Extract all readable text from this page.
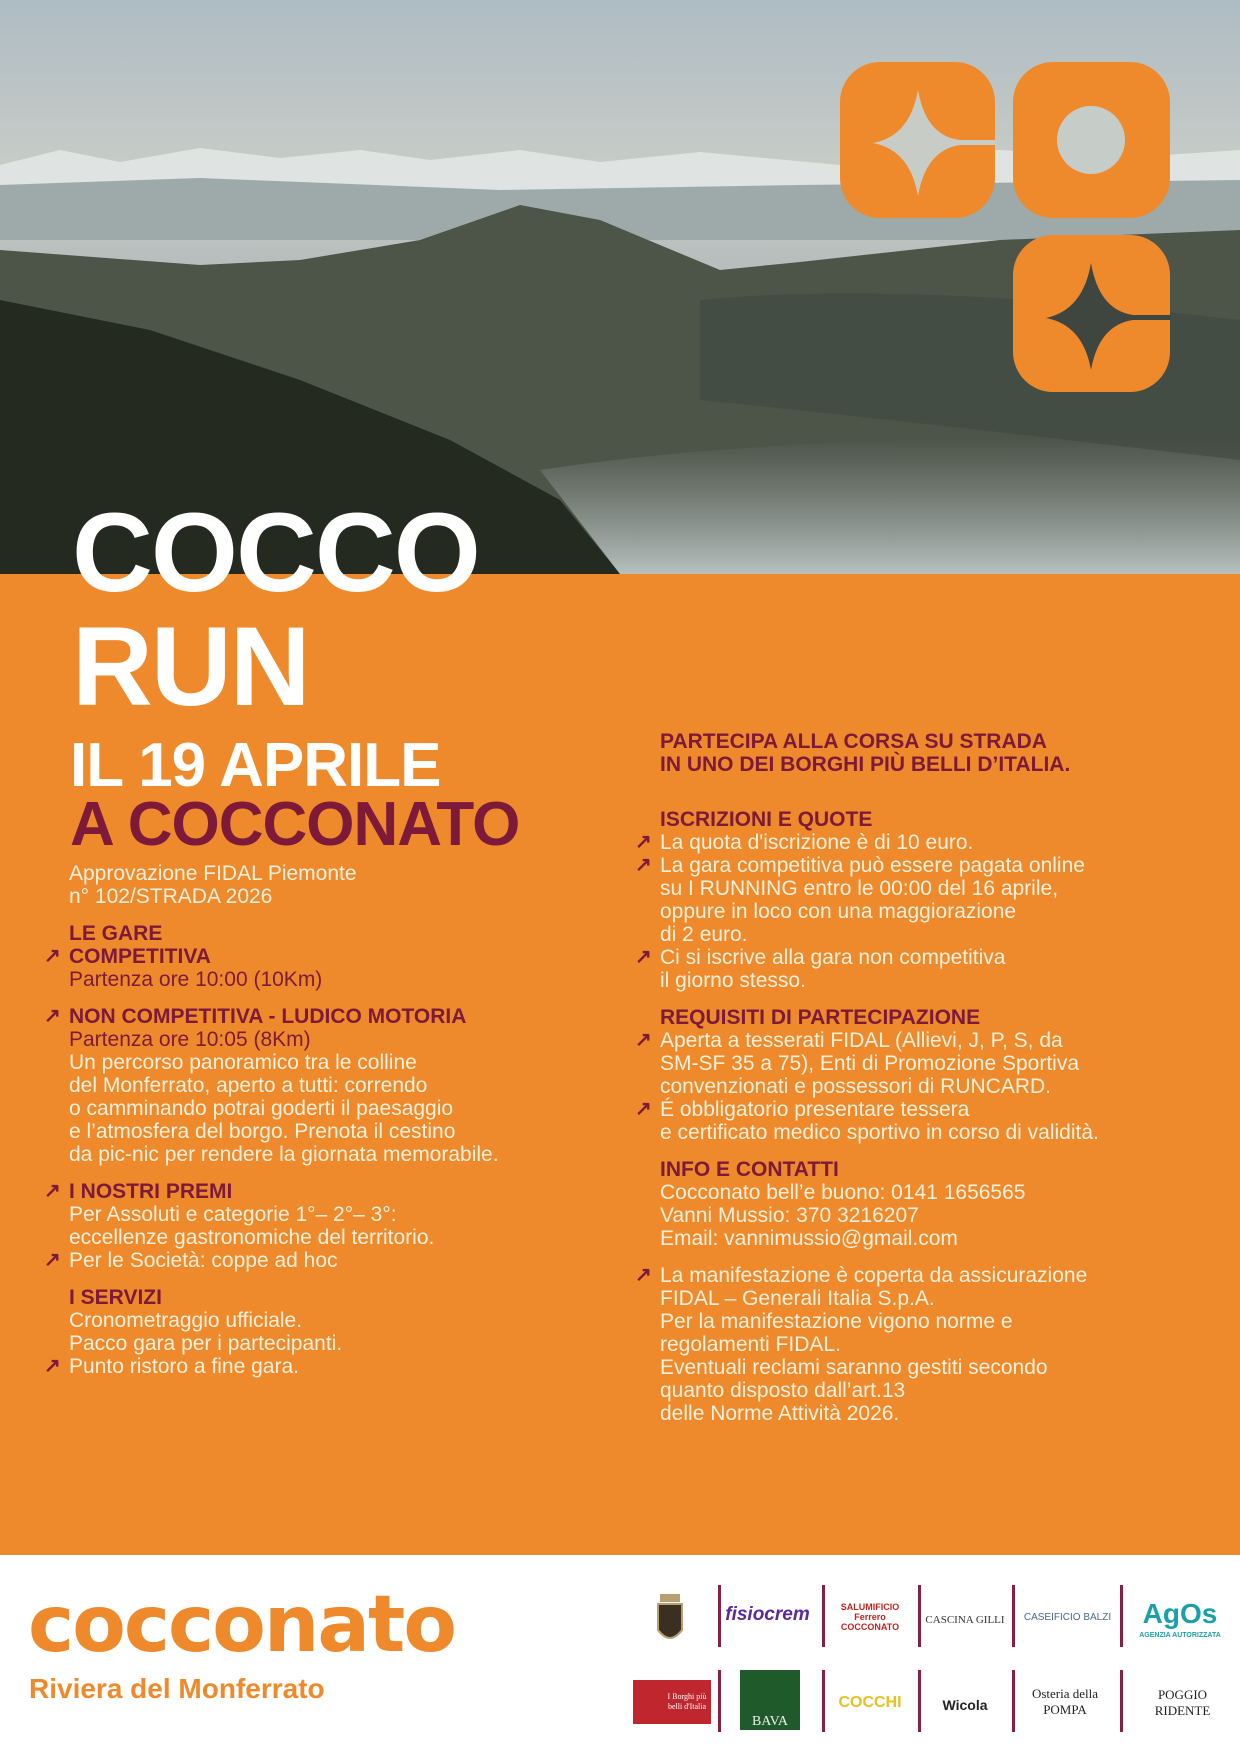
COCCO
RUN
IL 19 APRILE
A COCCONATO
Approvazione FIDAL Piemonte
n° 102/STRADA 2026
LE GARE
↗ COMPETITIVA
Partenza ore 10:00 (10Km)
↗ NON COMPETITIVA - LUDICO MOTORIA
Partenza ore 10:05 (8Km)
Un percorso panoramico tra le colline
del Monferrato, aperto a tutti: correndo
o camminando potrai goderti il paesaggio
e l’atmosfera del borgo. Prenota il cestino
da pic-nic per rendere la giornata memorabile.
↗ I NOSTRI PREMI
Per Assoluti e categorie 1°– 2°– 3°:
eccellenze gastronomiche del territorio.
↗ Per le Società: coppe ad hoc
I SERVIZI
Cronometraggio ufficiale.
Pacco gara per i partecipanti.
↗ Punto ristoro a fine gara.
PARTECIPA ALLA CORSA SU STRADA
IN UNO DEI BORGHI PIÙ BELLI D’ITALIA.
ISCRIZIONI E QUOTE
↗ La quota d'iscrizione è di 10 euro.
↗ La gara competitiva può essere pagata online
su I RUNNING entro le 00:00 del 16 aprile,
oppure in loco con una maggiorazione
di 2 euro.
↗ Ci si iscrive alla gara non competitiva
il giorno stesso.
REQUISITI DI PARTECIPAZIONE
↗ Aperta a tesserati FIDAL (Allievi, J, P, S, da
SM-SF 35 a 75), Enti di Promozione Sportiva
convenzionati e possessori di RUNCARD.
↗ É obbligatorio presentare tessera
e certificato medico sportivo in corso di validità.
INFO E CONTATTI
Cocconato bell’e buono: 0141 1656565
Vanni Mussio: 370 3216207
Email: vannimussio@gmail.com
↗ La manifestazione è coperta da assicurazione
FIDAL – Generali Italia S.p.A.
Per la manifestazione vigono norme e
regolamenti FIDAL.
Eventuali reclami saranno gestiti secondo
quanto disposto dall’art.13
delle Norme Attività 2026.
cocconato
Riviera del Monferrato
fisiocrem	SALUMIFICIO Ferrero COCCONATO
CASCINA GILLI	CASEIFICIO BALZI AgOs
AGENZIA AUTORIZZATA
I Borghi più belli d'Italia
BAVA
COCCHI	Wicola
Osteria della POMPA
POGGIO RIDENTE
